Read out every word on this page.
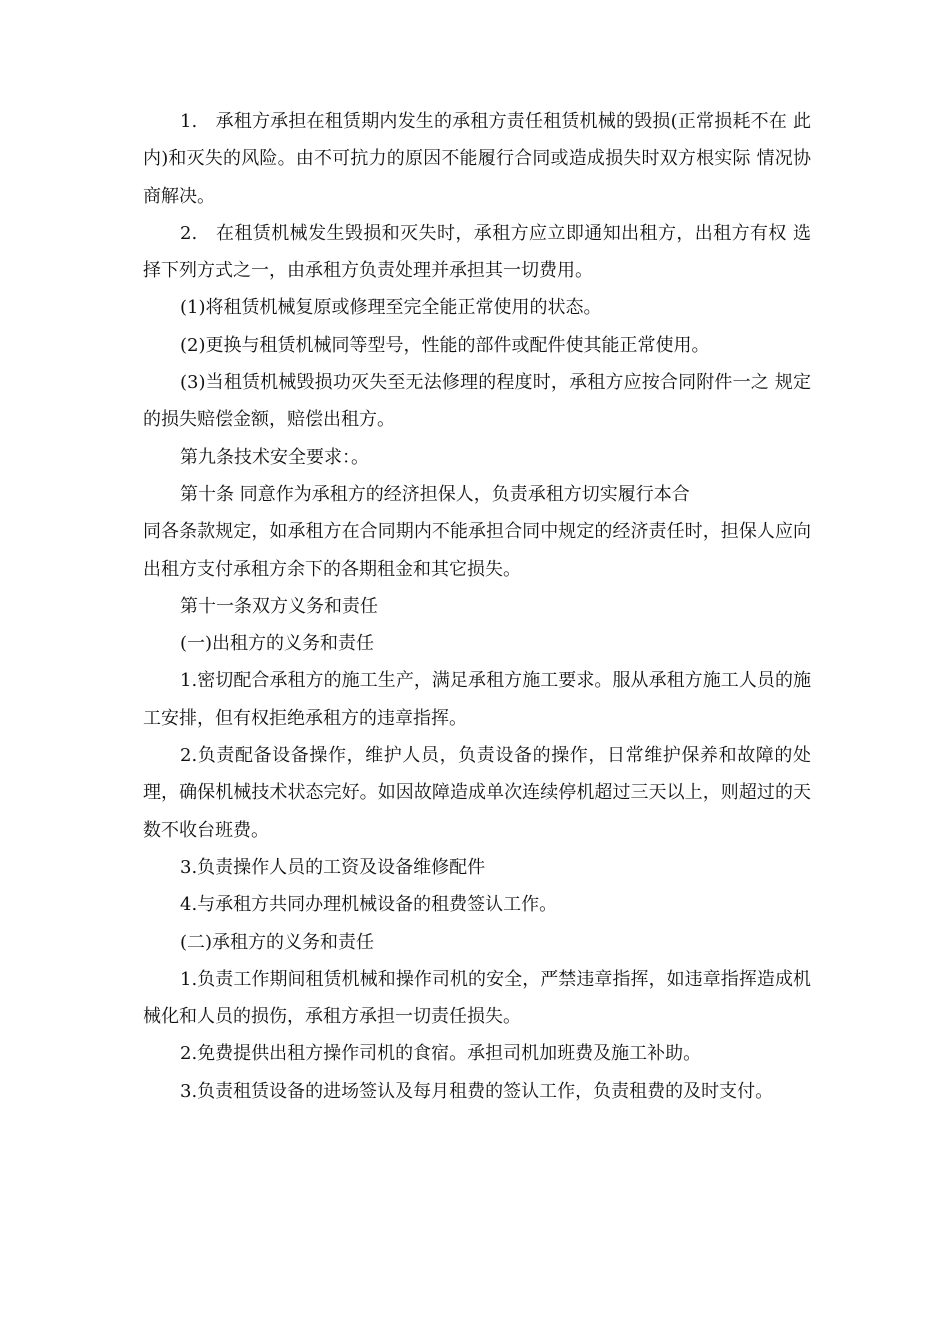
1.　承租方承担在租赁期内发生的承租方责任租赁机械的毁损(正常损耗不在 此内)和灭失的风险。由不可抗力的原因不能履行合同或造成损失时双方根实际 情况协商解决。

2.　在租赁机械发生毁损和灭失时，承租方应立即通知出租方，出租方有权 选择下列方式之一，由承租方负责处理并承担其一切费用。

(1)将租赁机械复原或修理至完全能正常使用的状态。

(2)更换与租赁机械同等型号，性能的部件或配件使其能正常使用。

(3)当租赁机械毁损功灭失至无法修理的程度时，承租方应按合同附件一之 规定的损失赔偿金额，赔偿出租方。

第九条技术安全要求：。

第十条 同意作为承租方的经济担保人，负责承租方切实履行本合

同各条款规定，如承租方在合同期内不能承担合同中规定的经济责任时，担保人应向出租方支付承租方余下的各期租金和其它损失。

第十一条双方义务和责任

(一)出租方的义务和责任

1.密切配合承租方的施工生产，满足承租方施工要求。服从承租方施工人员的施工安排，但有权拒绝承租方的违章指挥。

2.负责配备设备操作，维护人员，负责设备的操作，日常维护保养和故障的处理，确保机械技术状态完好。如因故障造成单次连续停机超过三天以上，则超过的天数不收台班费。

3.负责操作人员的工资及设备维修配件

4.与承租方共同办理机械设备的租费签认工作。

(二)承租方的义务和责任

1.负责工作期间租赁机械和操作司机的安全，严禁违章指挥，如违章指挥造成机械化和人员的损伤，承租方承担一切责任损失。

2.免费提供出租方操作司机的食宿。承担司机加班费及施工补助。

3.负责租赁设备的进场签认及每月租费的签认工作，负责租费的及时支付。
